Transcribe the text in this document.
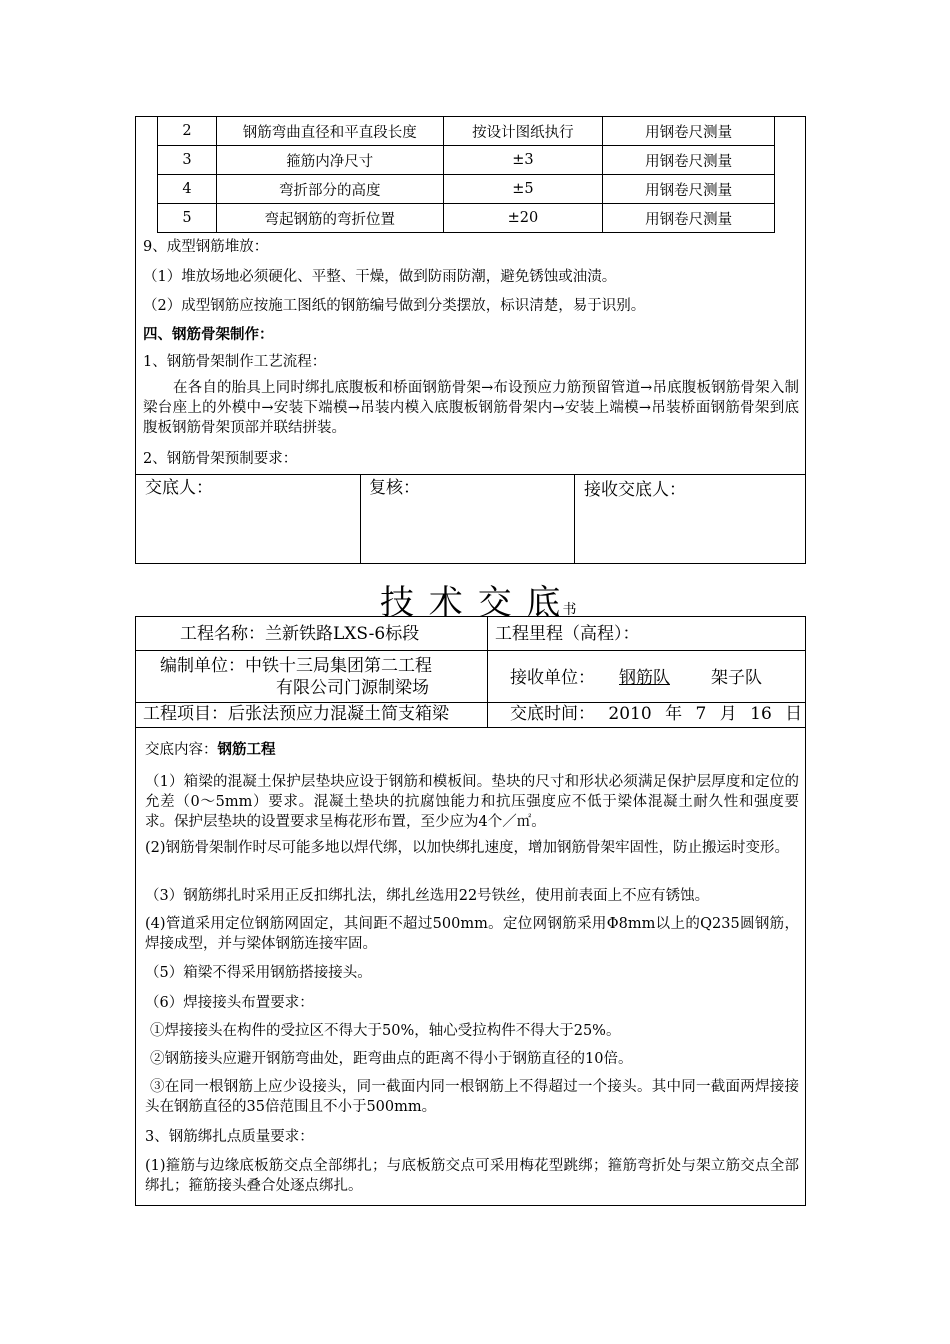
2	钢筋弯曲直径和平直段长度	按设计图纸执行	用钢卷尺测量
3	箍筋内净尺寸	±3	用钢卷尺测量
4	弯折部分的高度	±5	用钢卷尺测量
5	弯起钢筋的弯折位置	±20	用钢卷尺测量
9、成型钢筋堆放：
（1）堆放场地必须硬化、平整、干燥，做到防雨防潮，避免锈蚀或油渍。
（2）成型钢筋应按施工图纸的钢筋编号做到分类摆放，标识清楚，易于识别。
四、钢筋骨架制作：
1、钢筋骨架制作工艺流程：
在各自的胎具上同时绑扎底腹板和桥面钢筋骨架→布设预应力筋预留管道→吊底腹板钢筋骨架入制梁台座上的外模中→安装下端模→吊装内模入底腹板钢筋骨架内→安装上端模→吊装桥面钢筋骨架到底腹板钢筋骨架顶部并联结拼装。
2、钢筋骨架预制要求：
交底人：	复核：	接收交底人：
技 术 交 底书
工程名称：兰新铁路LXS-6标段	工程里程（高程）：
编制单位：中铁十三局集团第二工程
有限公司门源制梁场	接收单位： 钢筋队 架子队
工程项目：后张法预应力混凝土简支箱梁	交底时间： 2010 年 7 月 16 日
交底内容：钢筋工程
（1）箱梁的混凝土保护层垫块应设于钢筋和模板间。垫块的尺寸和形状必须满足保护层厚度和定位的允差（0～5mm）要求。混凝土垫块的抗腐蚀能力和抗压强度应不低于梁体混凝土耐久性和强度要求。保护层垫块的设置要求呈梅花形布置，至少应为4个／㎡。
(2)钢筋骨架制作时尽可能多地以焊代绑，以加快绑扎速度，增加钢筋骨架牢固性，防止搬运时变形。
（3）钢筋绑扎时采用正反扣绑扎法，绑扎丝选用22号铁丝，使用前表面上不应有锈蚀。
(4)管道采用定位钢筋网固定，其间距不超过500mm。定位网钢筋采用Φ8mm以上的Q235圆钢筋，焊接成型，并与梁体钢筋连接牢固。
（5）箱梁不得采用钢筋搭接接头。
（6）焊接接头布置要求：
①焊接接头在构件的受拉区不得大于50%，轴心受拉构件不得大于25%。
②钢筋接头应避开钢筋弯曲处，距弯曲点的距离不得小于钢筋直径的10倍。
③在同一根钢筋上应少设接头，同一截面内同一根钢筋上不得超过一个接头。其中同一截面两焊接接头在钢筋直径的35倍范围且不小于500mm。
3、钢筋绑扎点质量要求：
(1)箍筋与边缘底板筋交点全部绑扎；与底板筋交点可采用梅花型跳绑；箍筋弯折处与架立筋交点全部绑扎；箍筋接头叠合处逐点绑扎。
